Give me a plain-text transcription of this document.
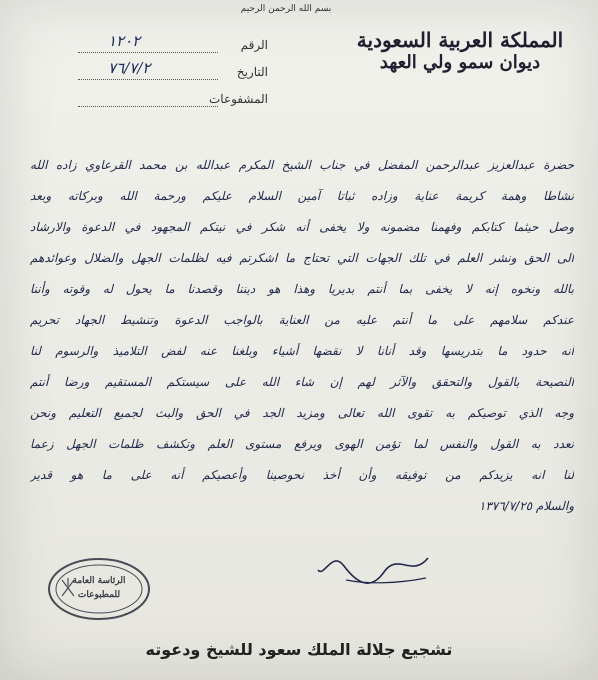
بسم الله الرحمن الرحيم
المملكة العربية السعودية
ديوان سمو ولي العهد
الرقم
١٢٠٢
التاريخ
٧٦/٧/٢
المشفوعات
حضرة عبدالعزيز عبدالرحمن المفضل في جناب الشيخ المكرم عبدالله بن محمد القرعاوي زاده الله
نشاطا وهمة كريمة عناية وزاده ثباتا آمين السلام عليكم ورحمة الله وبركاته وبعد
وصل حيثما كتابكم وفهمنا مضمونه ولا يخفى أنه شكر في نيتكم المجهود في الدعوة والارشاد
الى الحق ونشر العلم في تلك الجهات التي تحتاج ما اشكرتم فيه لظلمات الجهل والضلال وعوائدهم
بالله ونخوه إنه لا يخفى بما أنتم بديريا وهذا هو ديننا وقصدنا ما يحول له وقوته وأننا
عندكم سلامهم على ما أنتم عليه من العناية بالواجب الدعوة وتنشيط الجهاد تحريم
أنه حدود ما بتدريسها وقد أنانا لا نقضها أشياء وبلغنا عنه لفض التلاميذ والرسوم لنا
النصيحة بالقول والتحقق والآثر لهم إن شاء الله على سيستكم المستقيم ورضا أنتم
وجه الذي توصيكم به تقوى الله تعالى ومزيد الجد في الحق والبث لجميع التعليم ونحن
نعدد به القول والنفس لما تؤمن الهوى ويرفع مستوى العلم وتكشف ظلمات الجهل زعما
لنا انه يزيدكم من توفيقه وأن أخذ نحوصينا وأعصيكم أنه على ما هو قدير
والسلام ١٣٧٦/٧/٢٥
الرئاسة العامة
للمطبوعات
تشجيع جلالة الملك سعود للشيخ ودعوته
